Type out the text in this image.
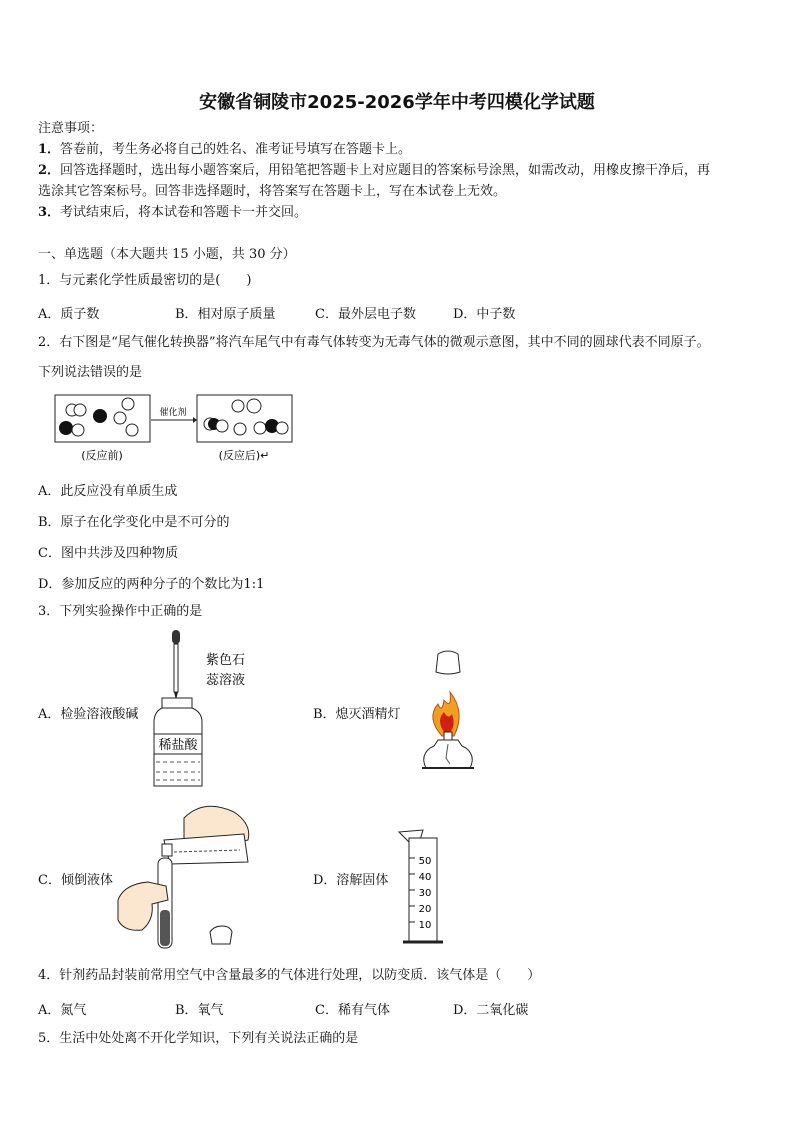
安徽省铜陵市2025-2026学年中考四模化学试题
注意事项：
1．答卷前，考生务必将自己的姓名、准考证号填写在答题卡上。
2．回答选择题时，选出每小题答案后，用铅笔把答题卡上对应题目的答案标号涂黑，如需改动，用橡皮擦干净后，再
选涂其它答案标号。回答非选择题时，将答案写在答题卡上，写在本试卷上无效。
3．考试结束后，将本试卷和答题卡一并交回。
一、单选题（本大题共 15 小题，共 30 分）
1．与元素化学性质最密切的是(　　)
A．质子数	B．相对原子质量	C．最外层电子数	D．中子数
2．右下图是“尾气催化转换器”将汽车尾气中有毒气体转变为无毒气体的微观示意图，其中不同的圆球代表不同原子。
下列说法错误的是
催化剂
(反应前)	(反应后)↵
A．此反应没有单质生成
B．原子在化学变化中是不可分的
C．图中共涉及四种物质
D．参加反应的两种分子的个数比为1:1
3．下列实验操作中正确的是
紫色石
蕊溶液
稀盐酸
A．检验溶液酸碱	B．熄灭酒精灯
C．倾倒液体
50
40
30
20
10
D．溶解固体
4．针剂药品封装前常用空气中含量最多的气体进行处理，以防变质．该气体是（　　）
A．氮气	B．氧气	C．稀有气体	D．二氧化碳
5．生活中处处离不开化学知识，下列有关说法正确的是
